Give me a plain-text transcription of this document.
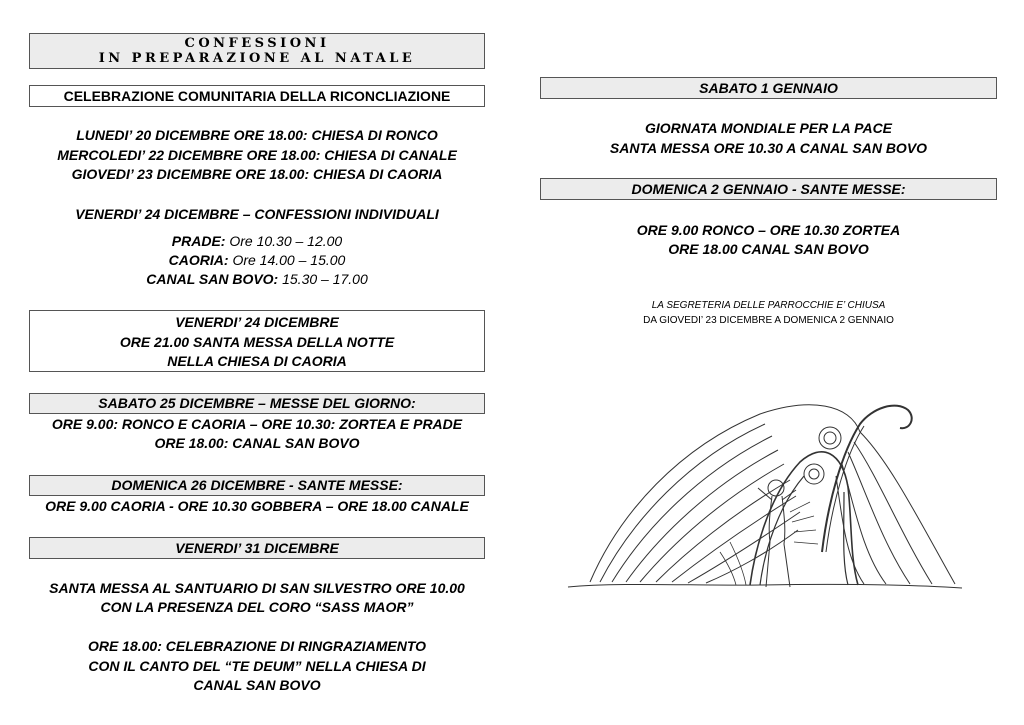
CONFESSIONI
IN PREPARAZIONE AL NATALE
CELEBRAZIONE COMUNITARIA DELLA RICONCLIAZIONE
LUNEDI’ 20 DICEMBRE ORE 18.00: CHIESA DI RONCO
MERCOLEDI’ 22 DICEMBRE ORE 18.00: CHIESA DI CANALE
GIOVEDI’ 23 DICEMBRE ORE 18.00: CHIESA DI CAORIA
VENERDI’ 24 DICEMBRE – CONFESSIONI INDIVIDUALI
PRADE: Ore 10.30 – 12.00
CAORIA: Ore 14.00 – 15.00
CANAL SAN BOVO: 15.30 – 17.00
VENERDI’ 24 DICEMBRE
ORE 21.00 SANTA MESSA DELLA NOTTE
NELLA CHIESA DI CAORIA
SABATO 25 DICEMBRE – MESSE DEL GIORNO:
ORE 9.00: RONCO E CAORIA – ORE 10.30: ZORTEA E PRADE
ORE 18.00: CANAL SAN BOVO
DOMENICA 26 DICEMBRE - SANTE MESSE:
ORE 9.00 CAORIA - ORE 10.30 GOBBERA – ORE 18.00 CANALE
VENERDI’ 31 DICEMBRE
SANTA MESSA AL SANTUARIO DI SAN SILVESTRO ORE 10.00
CON LA PRESENZA DEL CORO “SASS MAOR”
ORE 18.00: CELEBRAZIONE DI RINGRAZIAMENTO
CON IL CANTO DEL “TE DEUM” NELLA CHIESA DI
CANAL SAN BOVO
SABATO 1 GENNAIO
GIORNATA MONDIALE PER LA PACE
SANTA MESSA ORE 10.30 A CANAL SAN BOVO
DOMENICA 2 GENNAIO - SANTE MESSE:
ORE 9.00 RONCO – ORE 10.30 ZORTEA
ORE 18.00 CANAL SAN BOVO
LA SEGRETERIA DELLE PARROCCHIE E’ CHIUSA
DA GIOVEDI’ 23 DICEMBRE A DOMENICA 2 GENNAIO
